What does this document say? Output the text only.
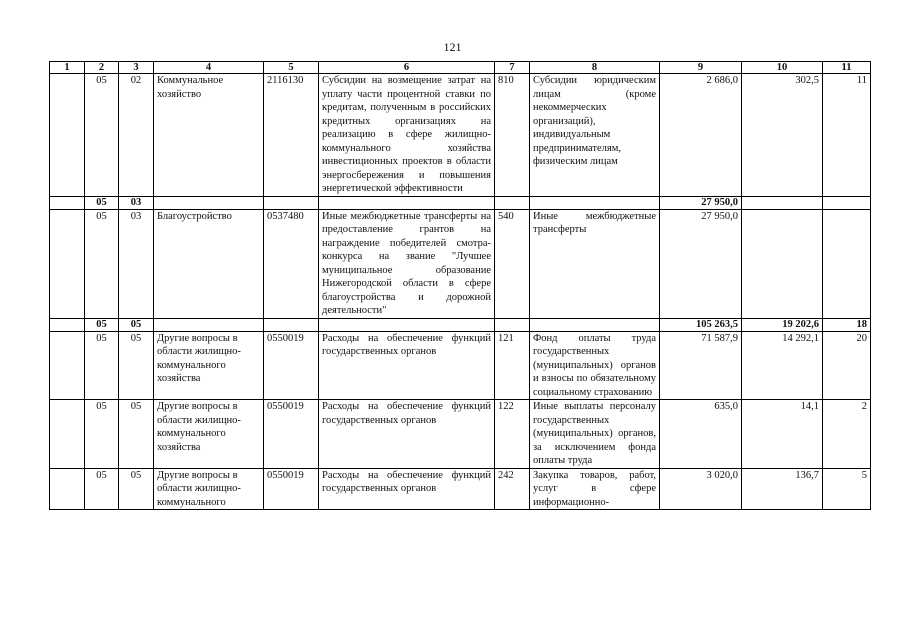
121
1	2	3	4	5	6	7	8	9	10	11
	05	02	Коммунальное хозяйство	2116130	Субсидии на возмещение затрат на уплату части процентной ставки по кредитам, полученным в российских кредитных организациях на реализацию в сфере жилищно-коммунального хозяйства инвестиционных проектов в области энергосбережения и повышения энергетической эффективности	810	Субсидии юридическим лицам (кроме некоммерческих организаций), индивидуальным предпринимателям, физическим лицам	2 686,0	302,5	11
	05	03						27 950,0		
	05	03	Благоустройство	0537480	Иные межбюджетные трансферты на предоставление грантов на награждение победителей смотра-конкурса на звание "Лучшее муниципальное образование Нижегородской области в сфере благоустройства и дорожной деятельности"	540	Иные межбюджетные трансферты	27 950,0		
	05	05						105 263,5	19 202,6	18
	05	05	Другие вопросы в области жилищно-коммунального хозяйства	0550019	Расходы на обеспечение функций государственных органов	121	Фонд оплаты труда государственных (муниципальных) органов и взносы по обязательному социальному страхованию	71 587,9	14 292,1	20
	05	05	Другие вопросы в области жилищно-коммунального хозяйства	0550019	Расходы на обеспечение функций государственных органов	122	Иные выплаты персоналу государственных (муниципальных) органов, за исключением фонда оплаты труда	635,0	14,1	2
	05	05	Другие вопросы в области жилищно-коммунального	0550019	Расходы на обеспечение функций государственных органов	242	Закупка товаров, работ, услуг в сфере информационно-	3 020,0	136,7	5
